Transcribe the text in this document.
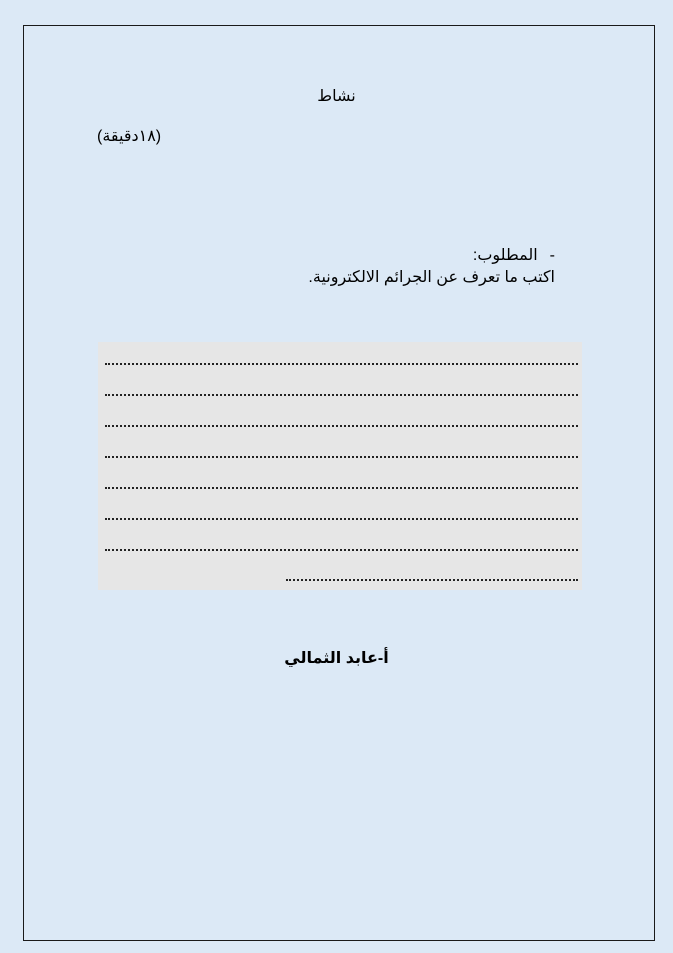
نشاط
(١٨دقيقة)
-المطلوب:
اكتب ما تعرف عن الجرائم الالكترونية.
أ-عابد الثمالي
